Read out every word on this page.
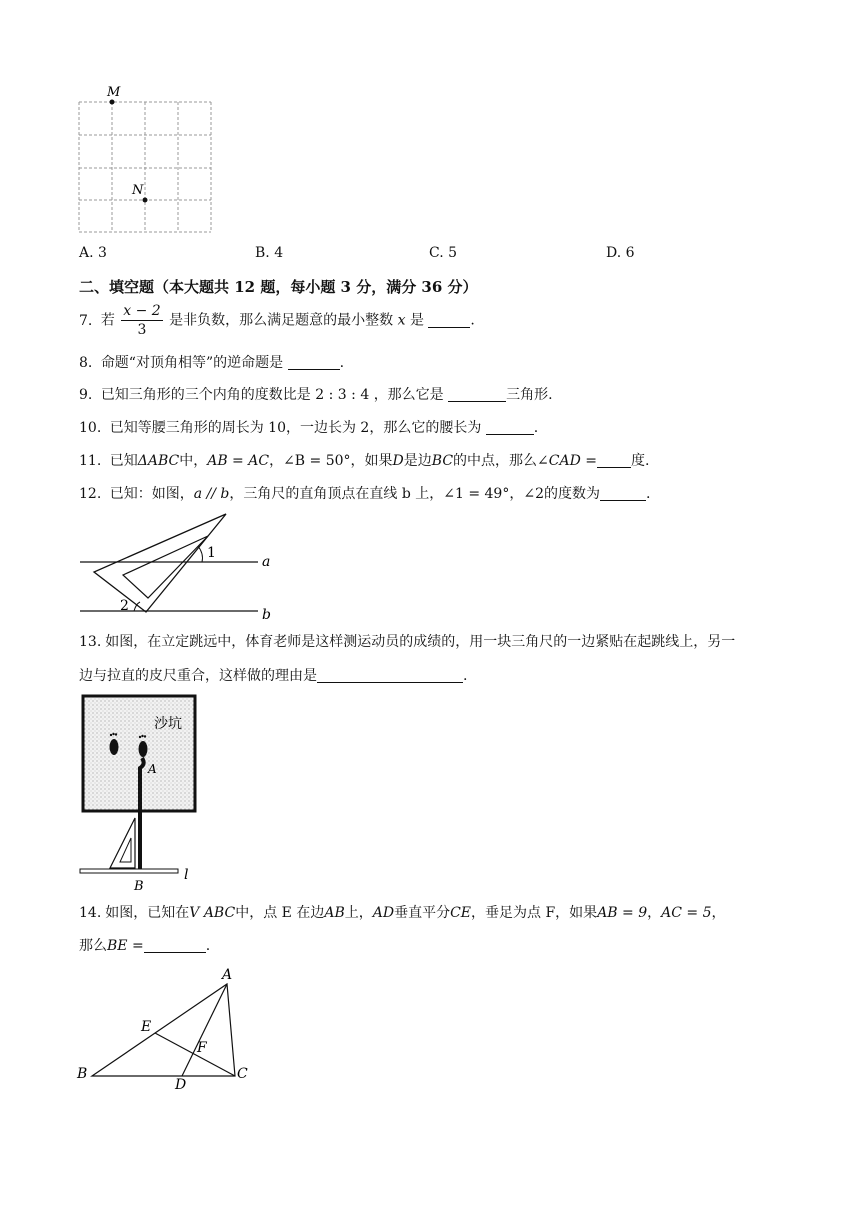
M
N
A. 3	B. 4	C. 5	D. 6
二、填空题（本大题共 12 题，每小题 3 分，满分 36 分）
7. 若 $\frac{x - 2}{3}$ 是非负数，那么满足题意的最小整数 x 是	.
8. 命题“对顶角相等”的逆命题是	.
9. 已知三角形的三个内角的度数比是 2 : 3 : 4 ，那么它是	三角形.
10. 已知等腰三角形的周长为 10，一边长为 2，那么它的腰长为	.
11. 已知ΔABC中，AB = AC，∠B = 50°，如果D是边BC的中点，那么∠CAD = 度.
12. 已知：如图，a // b，三角尺的直角顶点在直线 b 上，∠1 = 49°，∠2的度数为	.
1
2
a
b
13. 如图，在立定跳远中，体育老师是这样测运动员的成绩的，用一块三角尺的一边紧贴在起跳线上，另一
边与拉直的皮尺重合，这样做的理由是	.
沙坑
A
B
l
14. 如图，已知在V ABC中，点 E 在边AB上，AD垂直平分CE，垂足为点 F，如果AB = 9，AC = 5，
那么BE =	.
A
B	C
D
E
F
